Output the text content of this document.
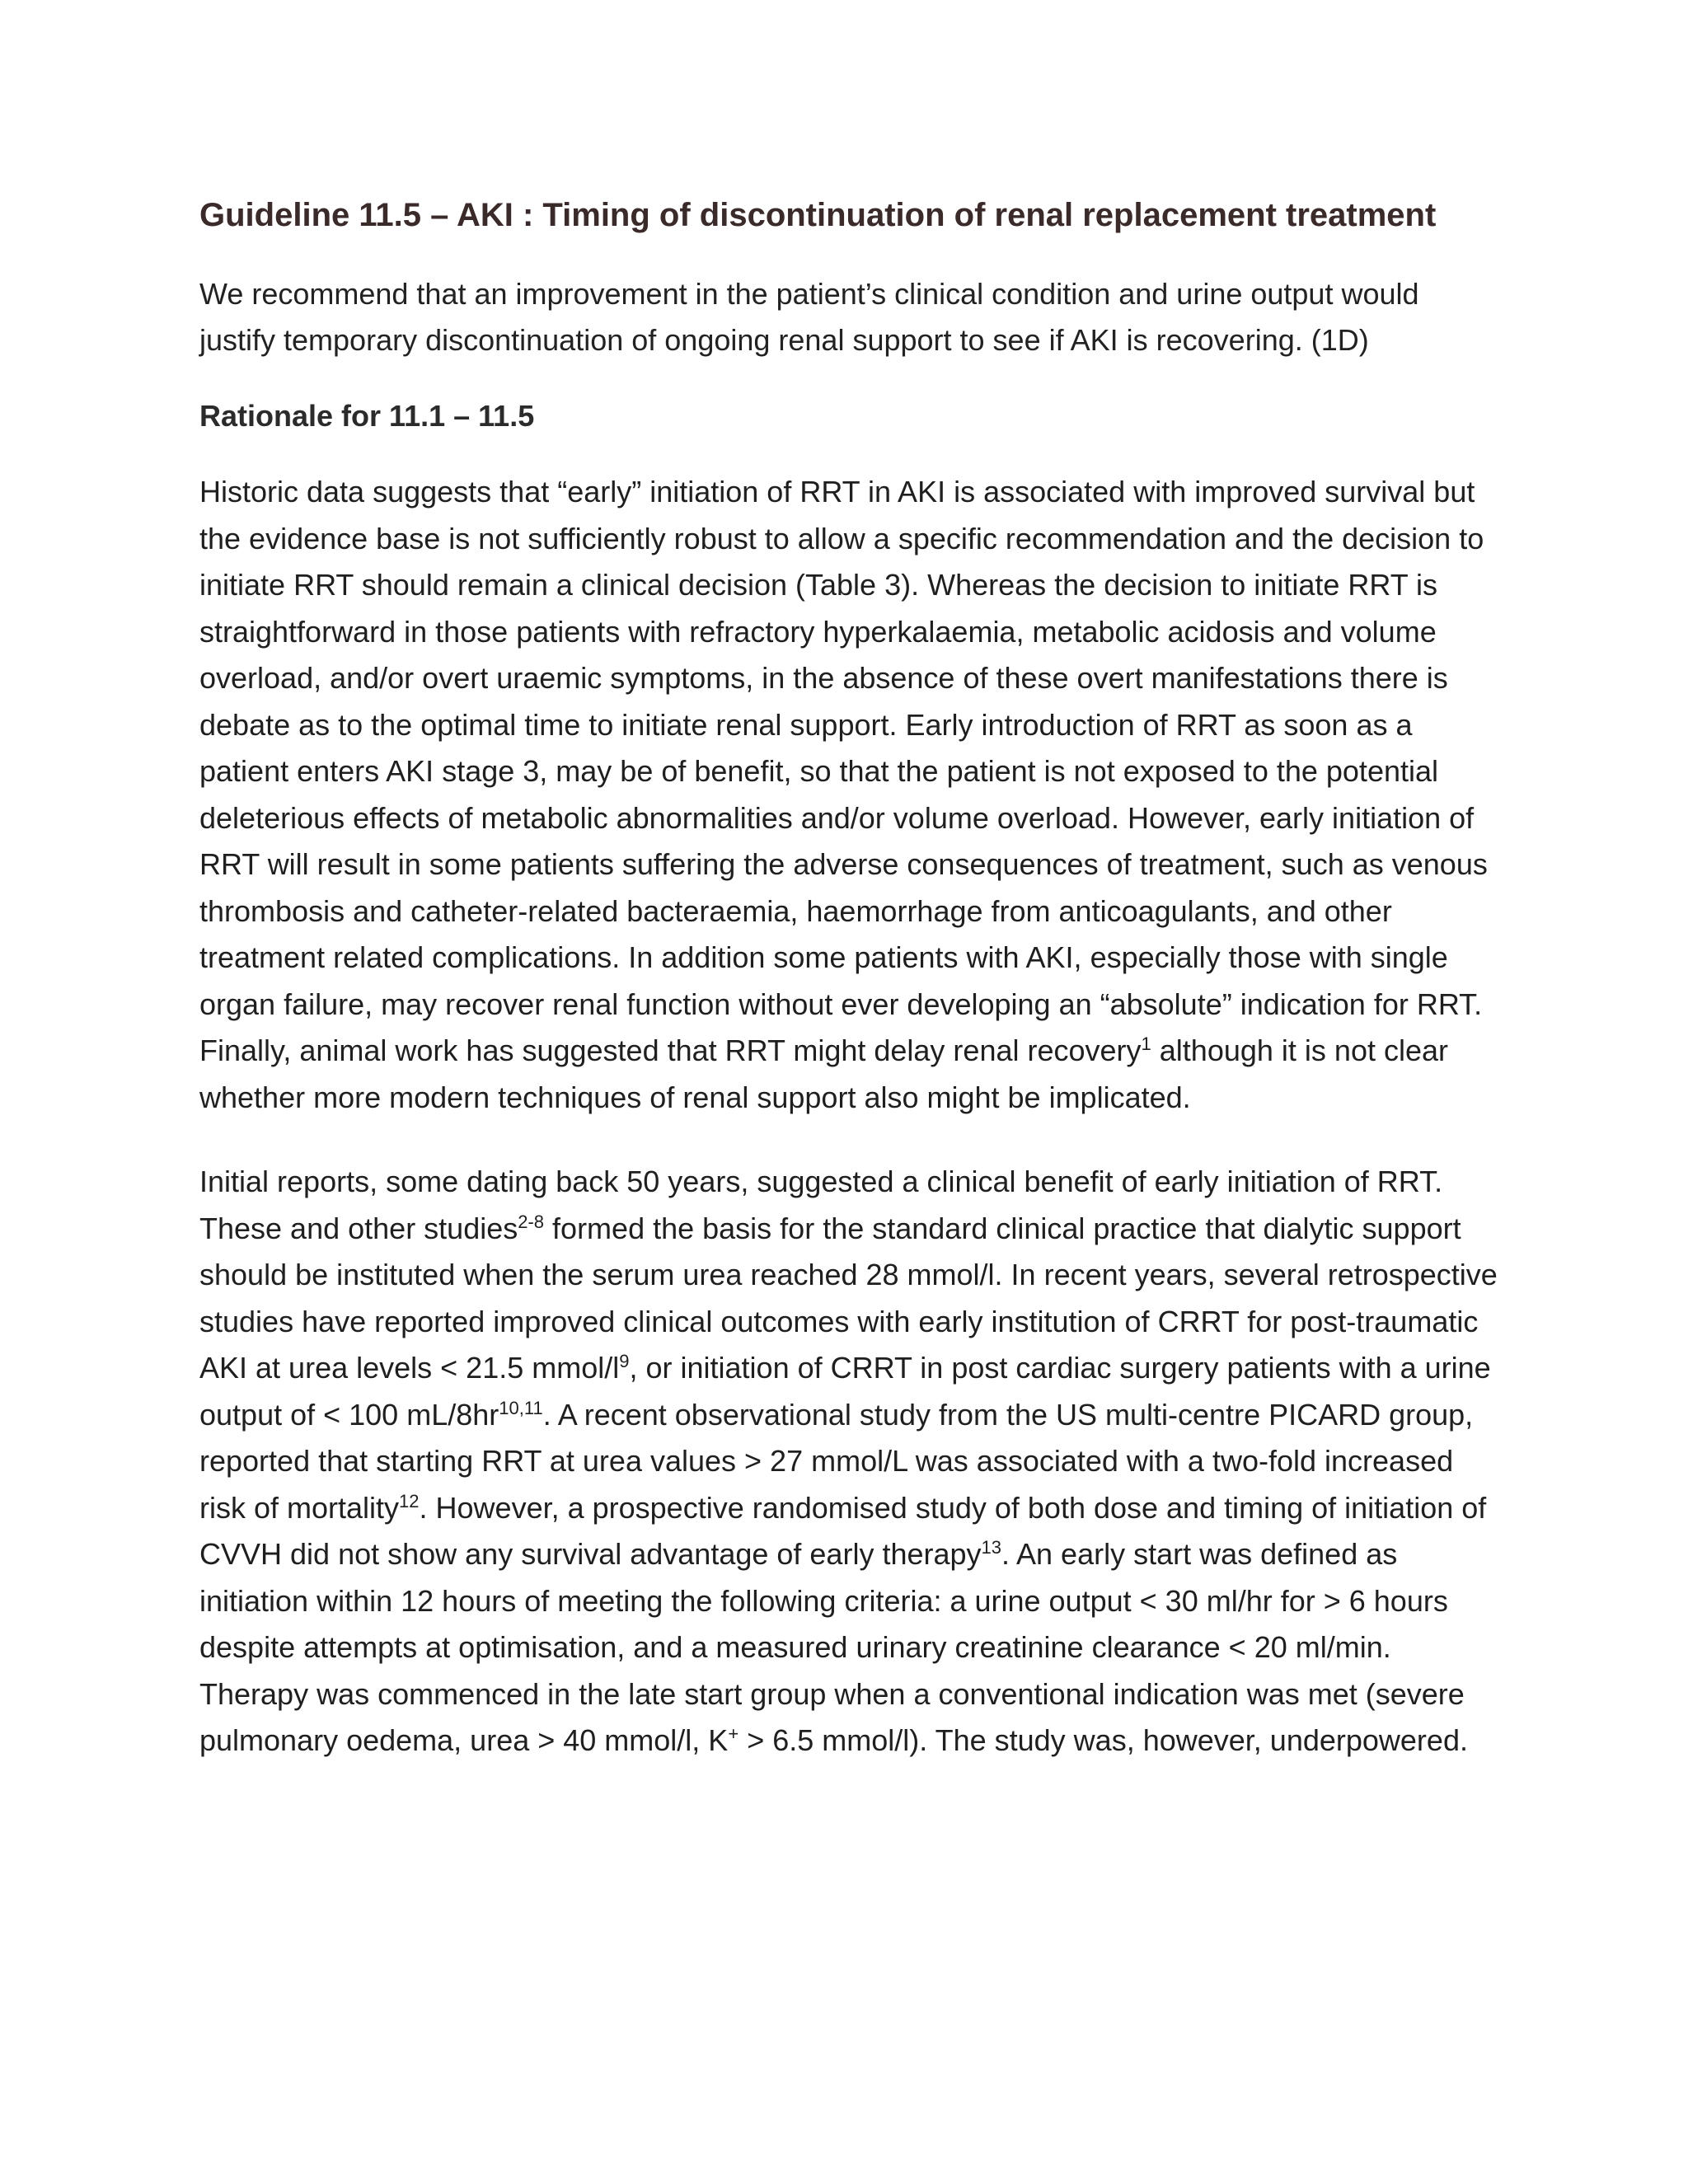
Guideline 11.5 – AKI : Timing of discontinuation of renal replacement treatment

We recommend that an improvement in the patient’s clinical condition and urine output would justify temporary discontinuation of ongoing renal support to see if AKI is recovering. (1D)

Rationale for 11.1 – 11.5

Historic data suggests that “early” initiation of RRT in AKI is associated with improved survival but the evidence base is not sufficiently robust to allow a specific recommendation and the decision to initiate RRT should remain a clinical decision (Table 3). Whereas the decision to initiate RRT is straightforward in those patients with refractory hyperkalaemia, metabolic acidosis and volume overload, and/or overt uraemic symptoms, in the absence of these overt manifestations there is debate as to the optimal time to initiate renal support. Early introduction of RRT as soon as a patient enters AKI stage 3, may be of benefit, so that the patient is not exposed to the potential deleterious effects of metabolic abnormalities and/or volume overload. However, early initiation of RRT will result in some patients suffering the adverse consequences of treatment, such as venous thrombosis and catheter-related bacteraemia, haemorrhage from anticoagulants, and other treatment related complications. In addition some patients with AKI, especially those with single organ failure, may recover renal function without ever developing an “absolute” indication for RRT. Finally, animal work has suggested that RRT might delay renal recovery$^1$ although it is not clear whether more modern techniques of renal support also might be implicated.

Initial reports, some dating back 50 years, suggested a clinical benefit of early initiation of RRT. These and other studies$^{2-8}$ formed the basis for the standard clinical practice that dialytic support should be instituted when the serum urea reached 28 mmol/l. In recent years, several retrospective studies have reported improved clinical outcomes with early institution of CRRT for post-traumatic AKI at urea levels < 21.5 mmol/$l^9$, or initiation of CRRT in post cardiac surgery patients with a urine output of < 100 mL/8hr$^{10,11}$. A recent observational study from the US multi-centre PICARD group, reported that starting RRT at urea values > 27 mmol/L was associated with a two-fold increased risk of mortality$^{12}$. However, a prospective randomised study of both dose and timing of initiation of CVVH did not show any survival advantage of early therapy$^{13}$. An early start was defined as initiation within 12 hours of meeting the following criteria: a urine output < 30 ml/hr for > 6 hours despite attempts at optimisation, and a measured urinary creatinine clearance < 20 ml/min. Therapy was commenced in the late start group when a conventional indication was met (severe pulmonary oedema, urea > 40 mmol/l, K+ > 6.5 mmol/l). The study was, however, underpowered.
